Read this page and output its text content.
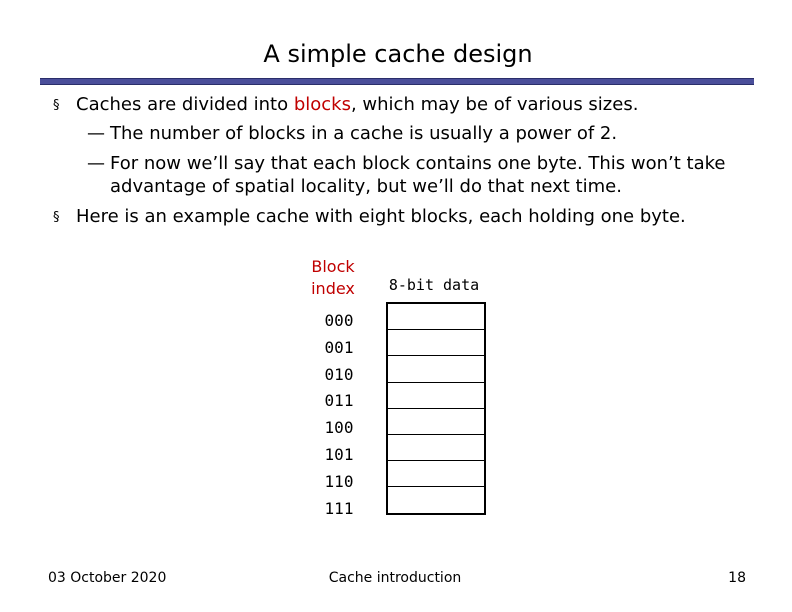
A simple cache design
§ Caches are divided into blocks, which may be of various sizes.
— The number of blocks in a cache is usually a power of 2.
— For now we’ll say that each block contains one byte. This won’t take
advantage of spatial locality, but we’ll do that next time.
§ Here is an example cache with eight blocks, each holding one byte.
Block
index	8-bit data
000
001
010
011
100
101
110
111
03 October 2020	Cache introduction	18
